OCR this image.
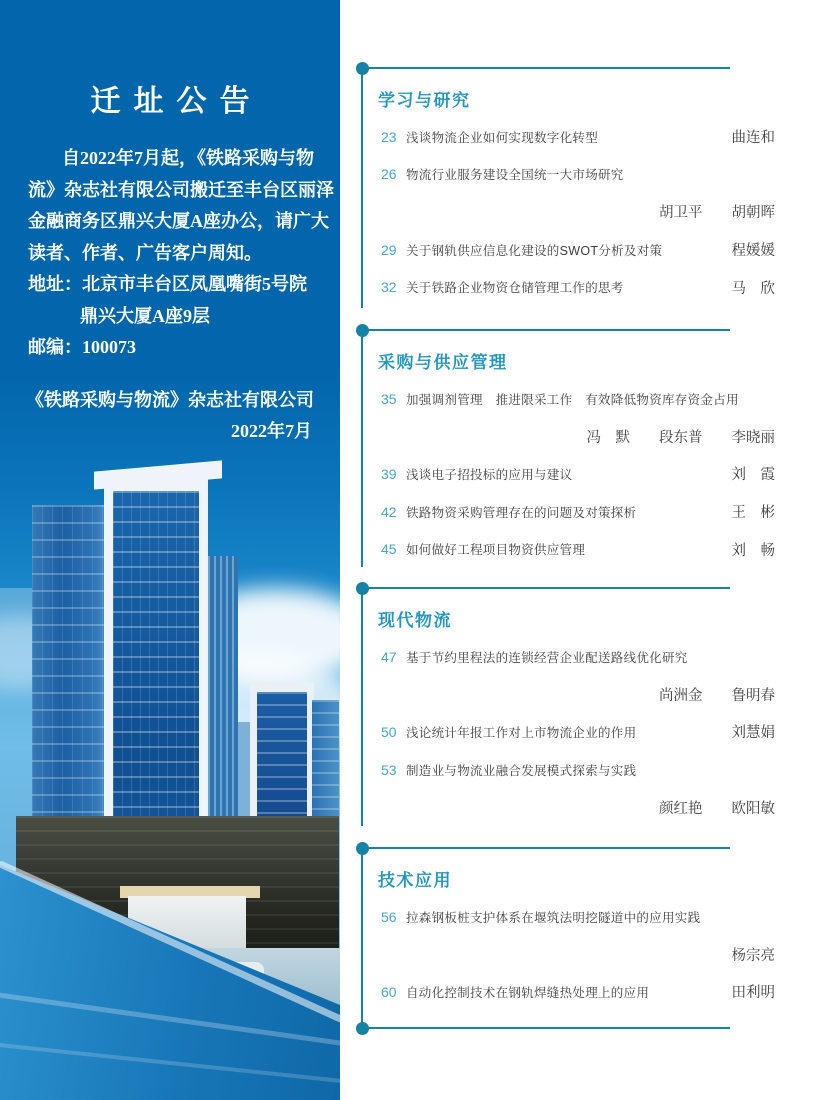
迁址公告
自2022年7月起，《铁路采购与物
流》杂志社有限公司搬迁至丰台区丽泽
金融商务区鼎兴大厦A座办公，请广大
读者、作者、广告客户周知。
地址：北京市丰台区凤凰嘴街5号院
鼎兴大厦A座9层
邮编：100073
《铁路采购与物流》杂志社有限公司
2022年7月
学习与研究
23 浅谈物流企业如何实现数字化转型	曲连和
26 物流行业服务建设全国统一大市场研究
胡卫平　　胡朝晖
29 关于钢轨供应信息化建设的SWOT分析及对策	程媛媛
32 关于铁路企业物资仓储管理工作的思考	马　欣
采购与供应管理
35 加强调剂管理　推进限采工作　有效降低物资库存资金占用
冯　默　　段东普　　李晓丽
39 浅谈电子招投标的应用与建议	刘　霞
42 铁路物资采购管理存在的问题及对策探析	王　彬
45 如何做好工程项目物资供应管理	刘　畅
现代物流
47 基于节约里程法的连锁经营企业配送路线优化研究
尚洲金　　鲁明春
50 浅论统计年报工作对上市物流企业的作用	刘慧娟
53 制造业与物流业融合发展模式探索与实践
颜红艳　　欧阳敏
技术应用
56 拉森钢板桩支护体系在堰筑法明挖隧道中的应用实践
杨宗亮
60 自动化控制技术在钢轨焊缝热处理上的应用	田利明
